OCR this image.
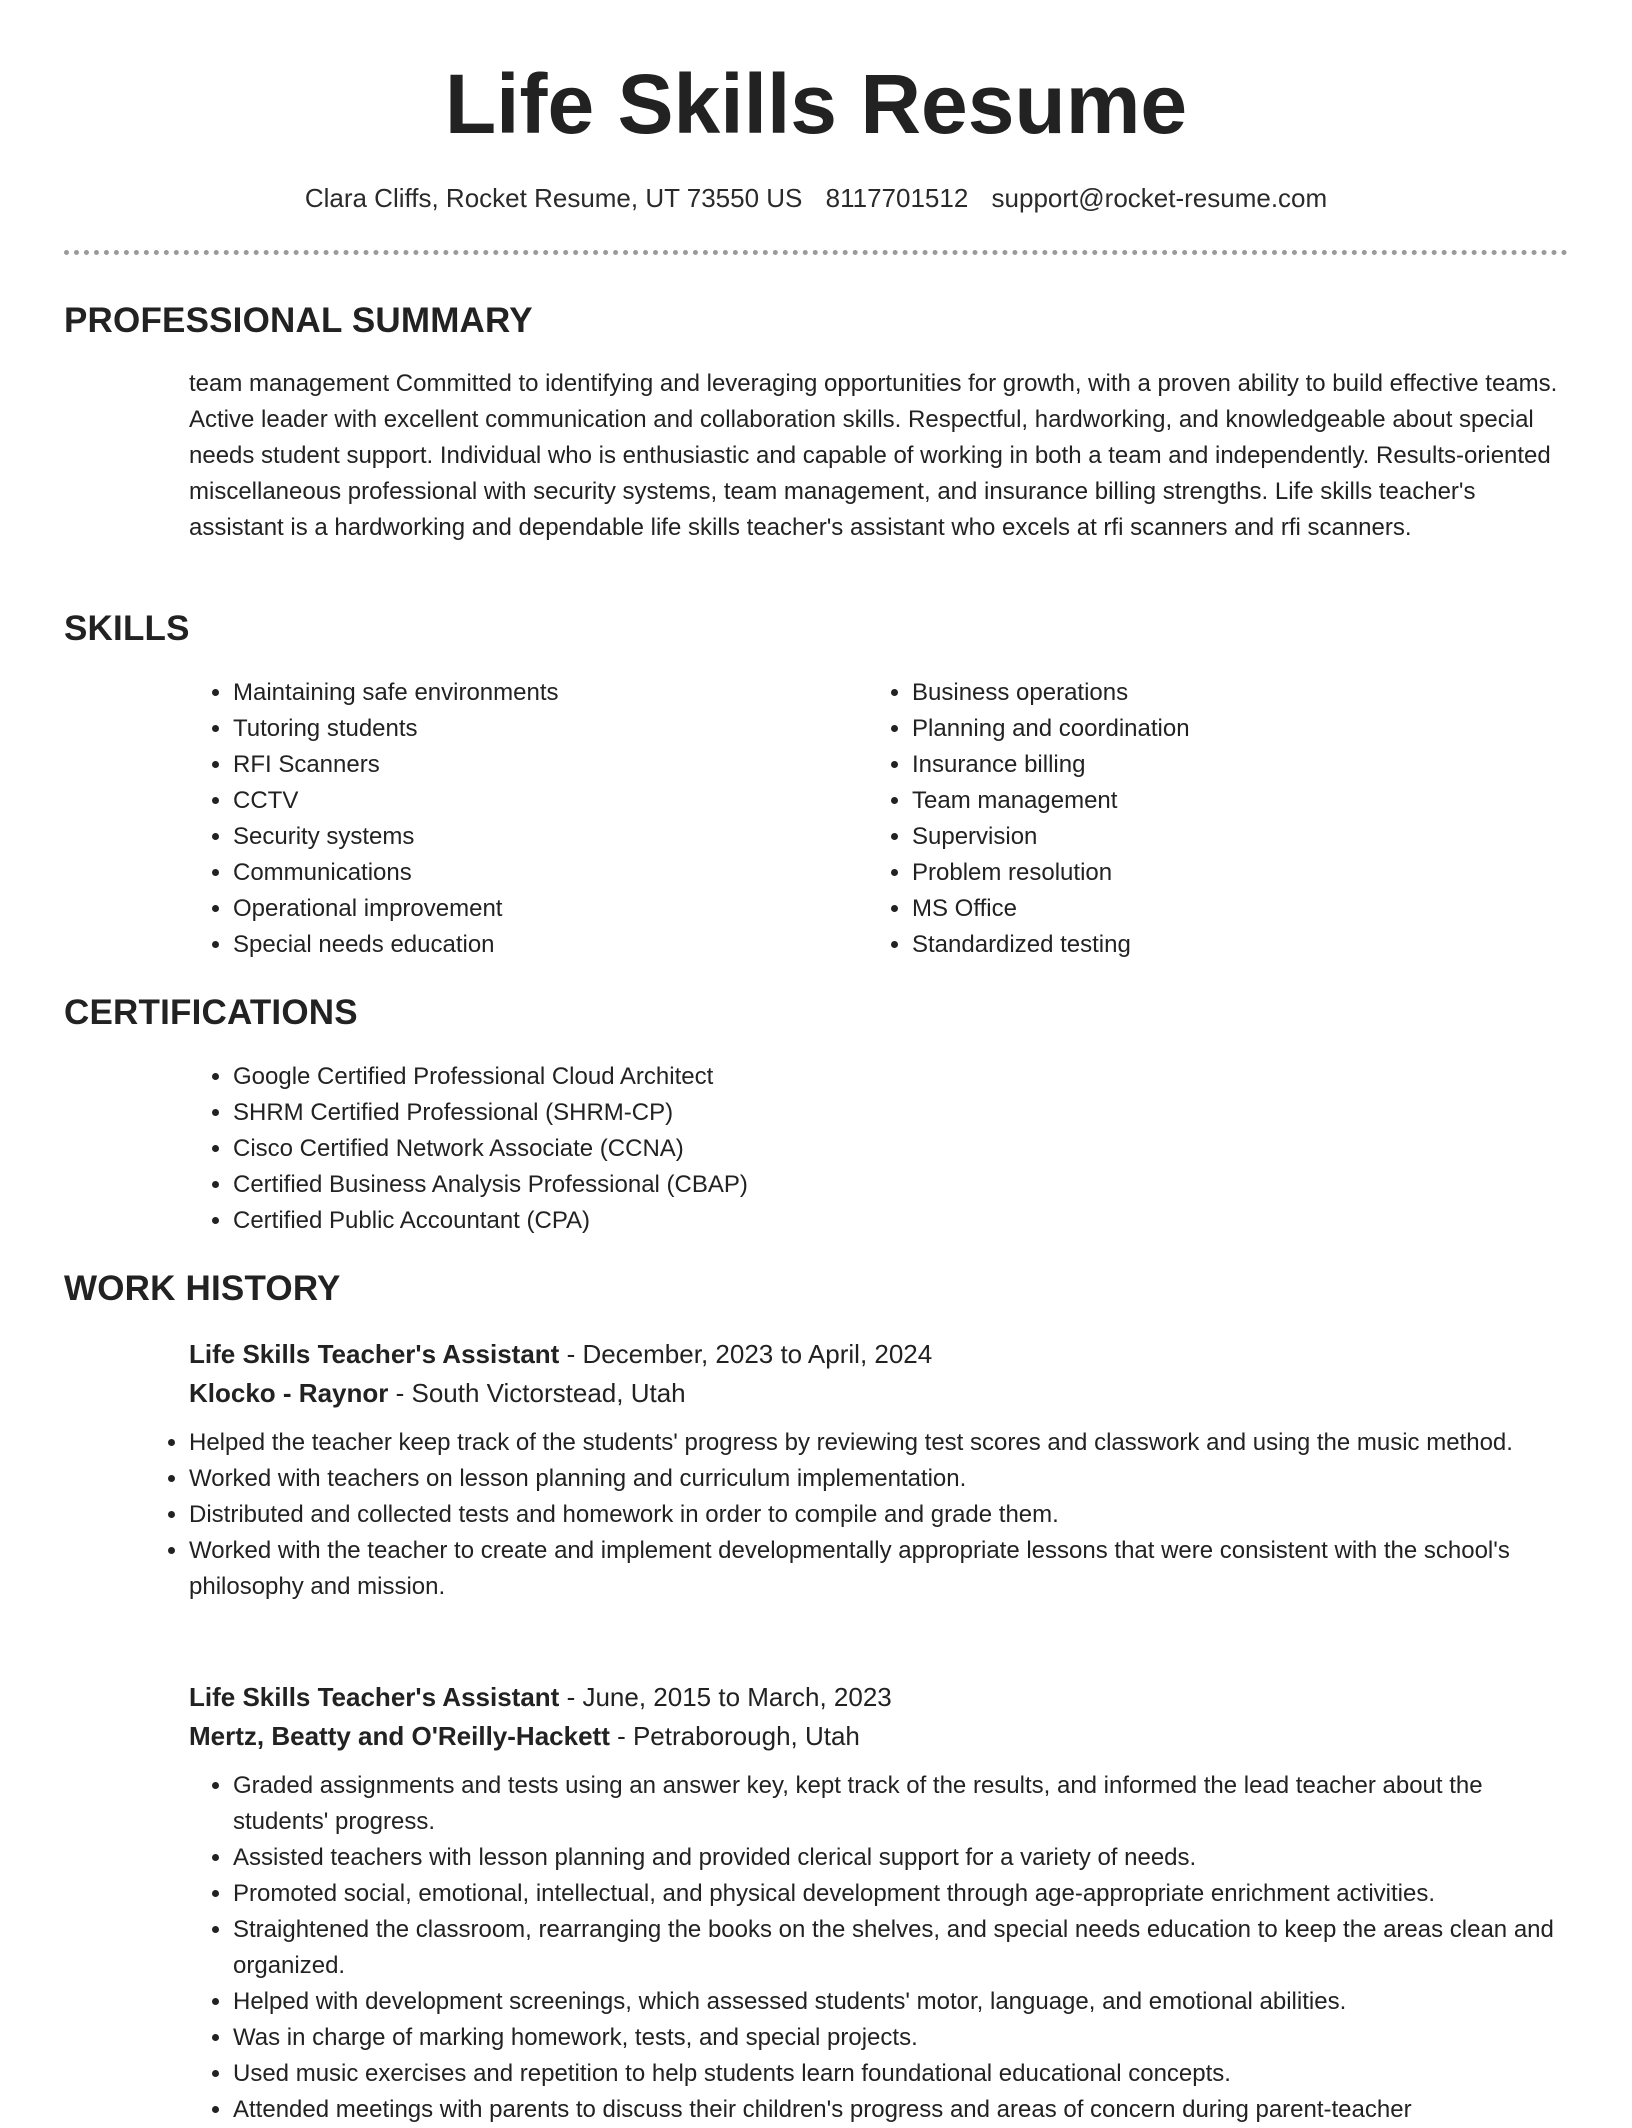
Life Skills Resume
Clara Cliffs, Rocket Resume, UT 73550 US 8117701512 support@rocket-resume.com
PROFESSIONAL SUMMARY

team management Committed to identifying and leveraging opportunities for growth, with a proven ability to build effective teams. Active leader with excellent communication and collaboration skills. Respectful, hardworking, and knowledgeable about special needs student support. Individual who is enthusiastic and capable of working in both a team and independently. Results-oriented miscellaneous professional with security systems, team management, and insurance billing strengths. Life skills teacher's assistant is a hardworking and dependable life skills teacher's assistant who excels at rfi scanners and rfi scanners.

SKILLS
• Maintaining safe environments
• Tutoring students
• RFI Scanners
• CCTV
• Security systems
• Communications
• Operational improvement
• Special needs education
• Business operations
• Planning and coordination
• Insurance billing
• Team management
• Supervision
• Problem resolution
• MS Office
• Standardized testing
CERTIFICATIONS
• Google Certified Professional Cloud Architect
• SHRM Certified Professional (SHRM-CP)
• Cisco Certified Network Associate (CCNA)
• Certified Business Analysis Professional (CBAP)
• Certified Public Accountant (CPA)
WORK HISTORY
Life Skills Teacher's Assistant - December, 2023 to April, 2024
Klocko - Raynor - South Victorstead, Utah
• Helped the teacher keep track of the students' progress by reviewing test scores and classwork and using the music method.
• Worked with teachers on lesson planning and curriculum implementation.
• Distributed and collected tests and homework in order to compile and grade them.
• Worked with the teacher to create and implement developmentally appropriate lessons that were consistent with the school's philosophy and mission.
Life Skills Teacher's Assistant - June, 2015 to March, 2023
Mertz, Beatty and O'Reilly-Hackett - Petraborough, Utah
• Graded assignments and tests using an answer key, kept track of the results, and informed the lead teacher about the students' progress.
• Assisted teachers with lesson planning and provided clerical support for a variety of needs.
• Promoted social, emotional, intellectual, and physical development through age-appropriate enrichment activities.
• Straightened the classroom, rearranging the books on the shelves, and special needs education to keep the areas clean and organized.
• Helped with development screenings, which assessed students' motor, language, and emotional abilities.
• Was in charge of marking homework, tests, and special projects.
• Used music exercises and repetition to help students learn foundational educational concepts.
• Attended meetings with parents to discuss their children's progress and areas of concern during parent-teacher
